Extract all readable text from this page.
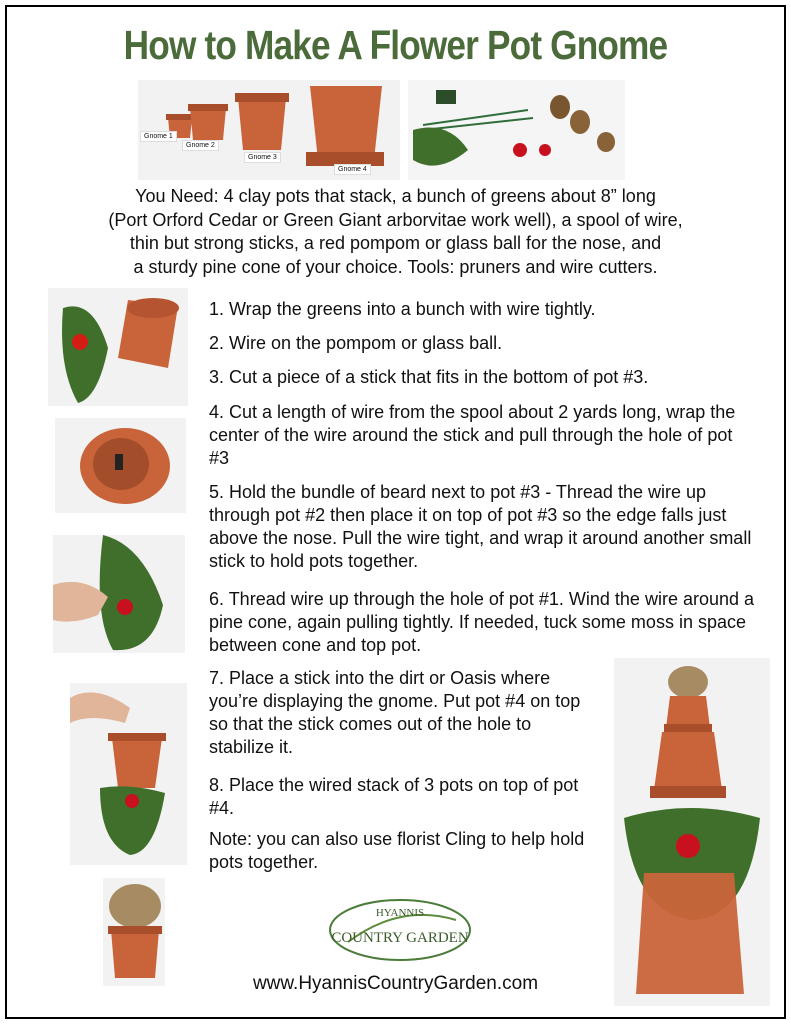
How to Make A Flower Pot Gnome
Gnome 1
Gnome 2
Gnome 3
Gnome 4
You Need: 4 clay pots that stack, a bunch of greens about 8” long
(Port Orford Cedar or Green Giant arborvitae work well), a spool of wire,
thin but strong sticks, a red pompom or glass ball for the nose, and
a sturdy pine cone of your choice. Tools: pruners and wire cutters.
1. Wrap the greens into a bunch with wire tightly.
2. Wire on the pompom or glass ball.
3. Cut a piece of a stick that fits in the bottom of pot #3.
4. Cut a length of wire from the spool about 2 yards long, wrap the center of the wire around the stick and pull through the hole of pot #3
5. Hold the bundle of beard next to pot #3 - Thread the wire up through pot #2 then place it on top of pot #3 so the edge falls just above the nose. Pull the wire tight, and wrap it around another small stick to hold pots together.
6. Thread wire up through the hole of pot #1. Wind the wire around a pine cone, again pulling tightly. If needed, tuck some moss in space between cone and top pot.
7. Place a stick into the dirt or Oasis where you’re displaying the gnome. Put pot #4 on top so that the stick comes out of the hole to stabilize it.
8. Place the wired stack of 3 pots on top of pot #4.
Note: you can also use florist Cling to help hold pots together.
HYANNIS
COUNTRY GARDEN
www.HyannisCountryGarden.com
